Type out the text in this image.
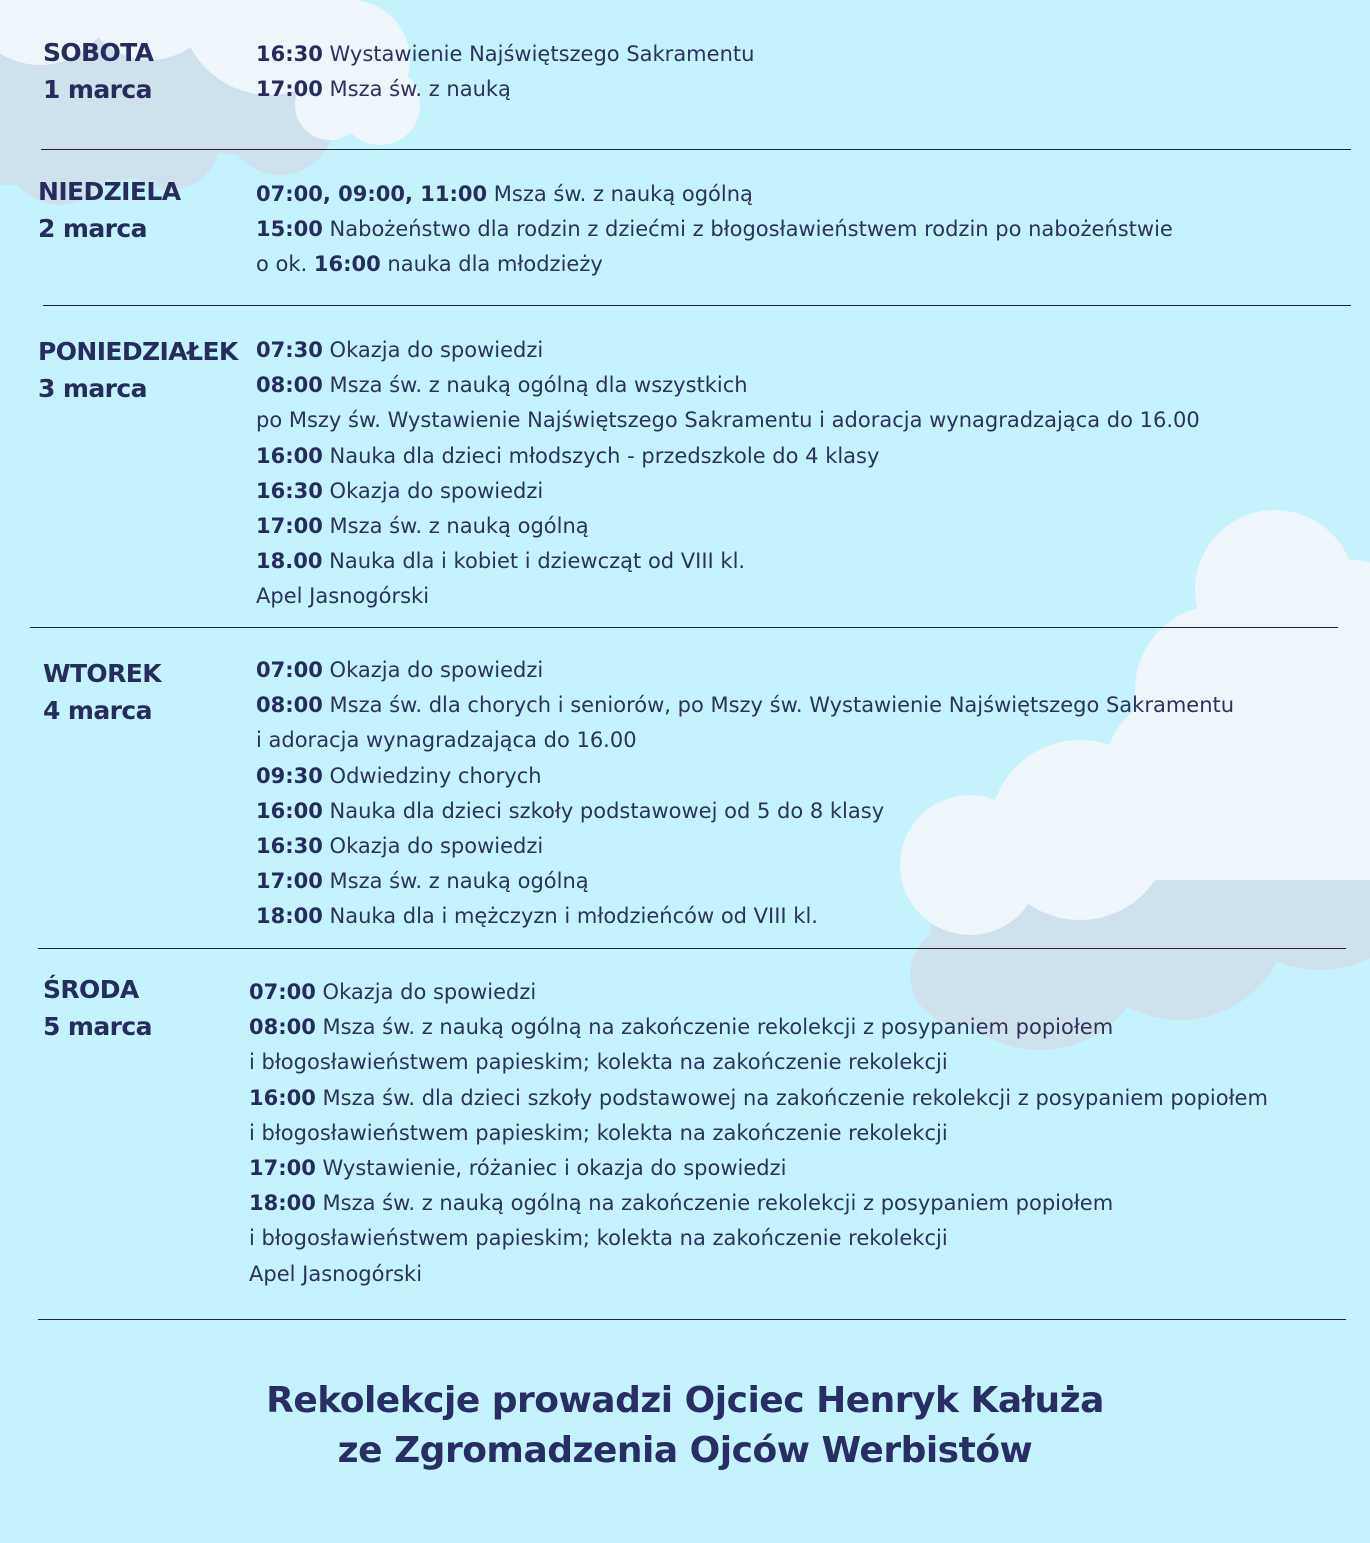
SOBOTA
1 marca
16:30 Wystawienie Najświętszego Sakramentu
17:00 Msza św. z nauką
NIEDZIELA
2 marca
07:00, 09:00, 11:00 Msza św. z nauką ogólną
15:00 Nabożeństwo dla rodzin z dziećmi z błogosławieństwem rodzin po nabożeństwie
o ok. 16:00 nauka dla młodzieży
PONIEDZIAŁEK
3 marca
07:30 Okazja do spowiedzi
08:00 Msza św. z nauką ogólną dla wszystkich
po Mszy św. Wystawienie Najświętszego Sakramentu i adoracja wynagradzająca do 16.00
16:00 Nauka dla dzieci młodszych - przedszkole do 4 klasy
16:30 Okazja do spowiedzi
17:00 Msza św. z nauką ogólną
18.00 Nauka dla i kobiet i dziewcząt od VIII kl.
Apel Jasnogórski
WTOREK
4 marca
07:00 Okazja do spowiedzi
08:00 Msza św. dla chorych i seniorów, po Mszy św. Wystawienie Najświętszego Sakramentu
i adoracja wynagradzająca do 16.00
09:30 Odwiedziny chorych
16:00 Nauka dla dzieci szkoły podstawowej od 5 do 8 klasy
16:30 Okazja do spowiedzi
17:00 Msza św. z nauką ogólną
18:00 Nauka dla i mężczyzn i młodzieńców od VIII kl.
ŚRODA
5 marca
07:00 Okazja do spowiedzi
08:00 Msza św. z nauką ogólną na zakończenie rekolekcji z posypaniem popiołem
i błogosławieństwem papieskim; kolekta na zakończenie rekolekcji
16:00 Msza św. dla dzieci szkoły podstawowej na zakończenie rekolekcji z posypaniem popiołem
i błogosławieństwem papieskim; kolekta na zakończenie rekolekcji
17:00 Wystawienie, różaniec i okazja do spowiedzi
18:00 Msza św. z nauką ogólną na zakończenie rekolekcji z posypaniem popiołem
i błogosławieństwem papieskim; kolekta na zakończenie rekolekcji
Apel Jasnogórski
Rekolekcje prowadzi Ojciec Henryk Kałuża
ze Zgromadzenia Ojców Werbistów
